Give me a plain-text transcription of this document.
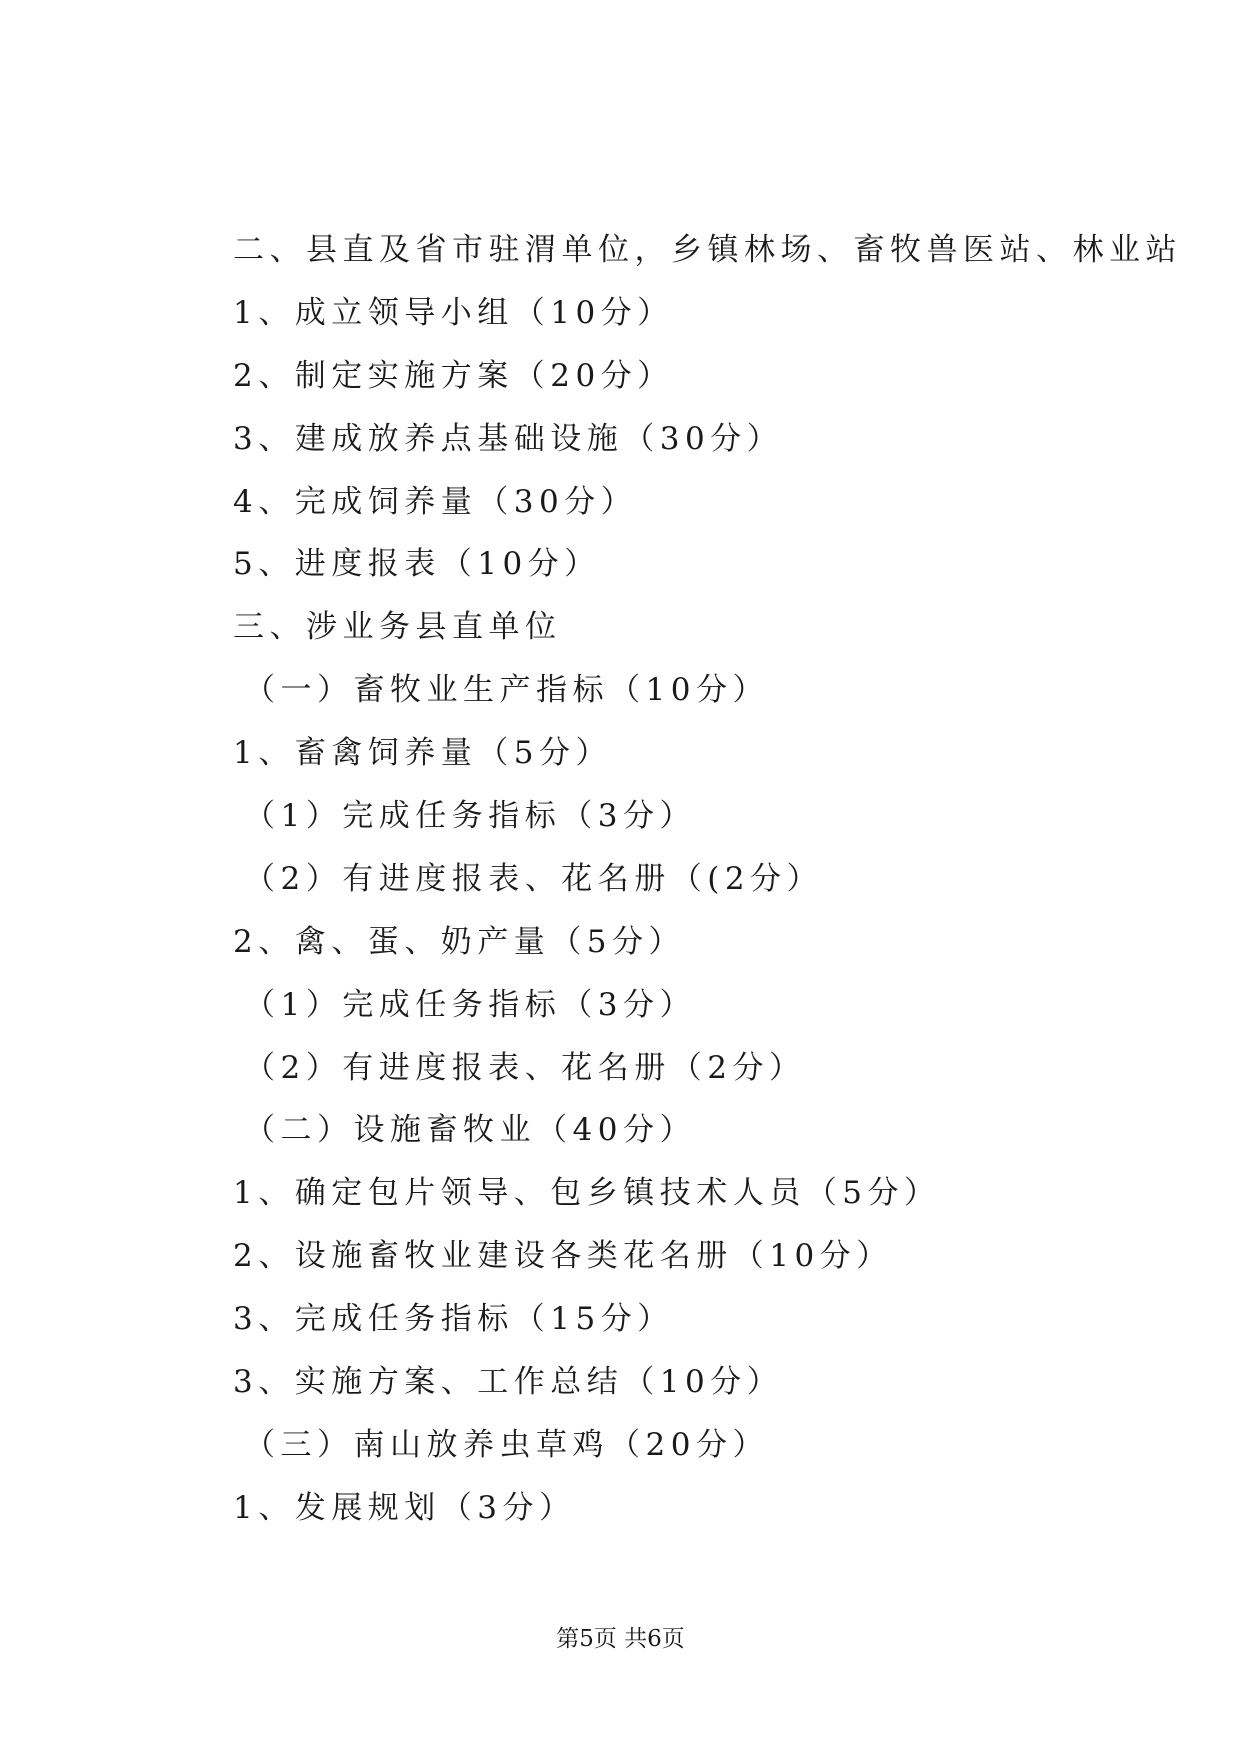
二、县直及省市驻渭单位，乡镇林场、畜牧兽医站、林业站

1、成立领导小组（10分）

2、制定实施方案（20分）

3、建成放养点基础设施（30分）

4、完成饲养量（30分）

5、进度报表（10分）

三、涉业务县直单位

（一）畜牧业生产指标（10分）

1、畜禽饲养量（5分）

（1）完成任务指标（3分）

（2）有进度报表、花名册（(2分）

2、禽、蛋、奶产量（5分）

（1）完成任务指标（3分）

（2）有进度报表、花名册（2分）

（二）设施畜牧业（40分）

1、确定包片领导、包乡镇技术人员（5分）

2、设施畜牧业建设各类花名册（10分）

3、完成任务指标（15分）

3、实施方案、工作总结（10分）

（三）南山放养虫草鸡（20分）

1、发展规划（3分）

第5页 共6页
